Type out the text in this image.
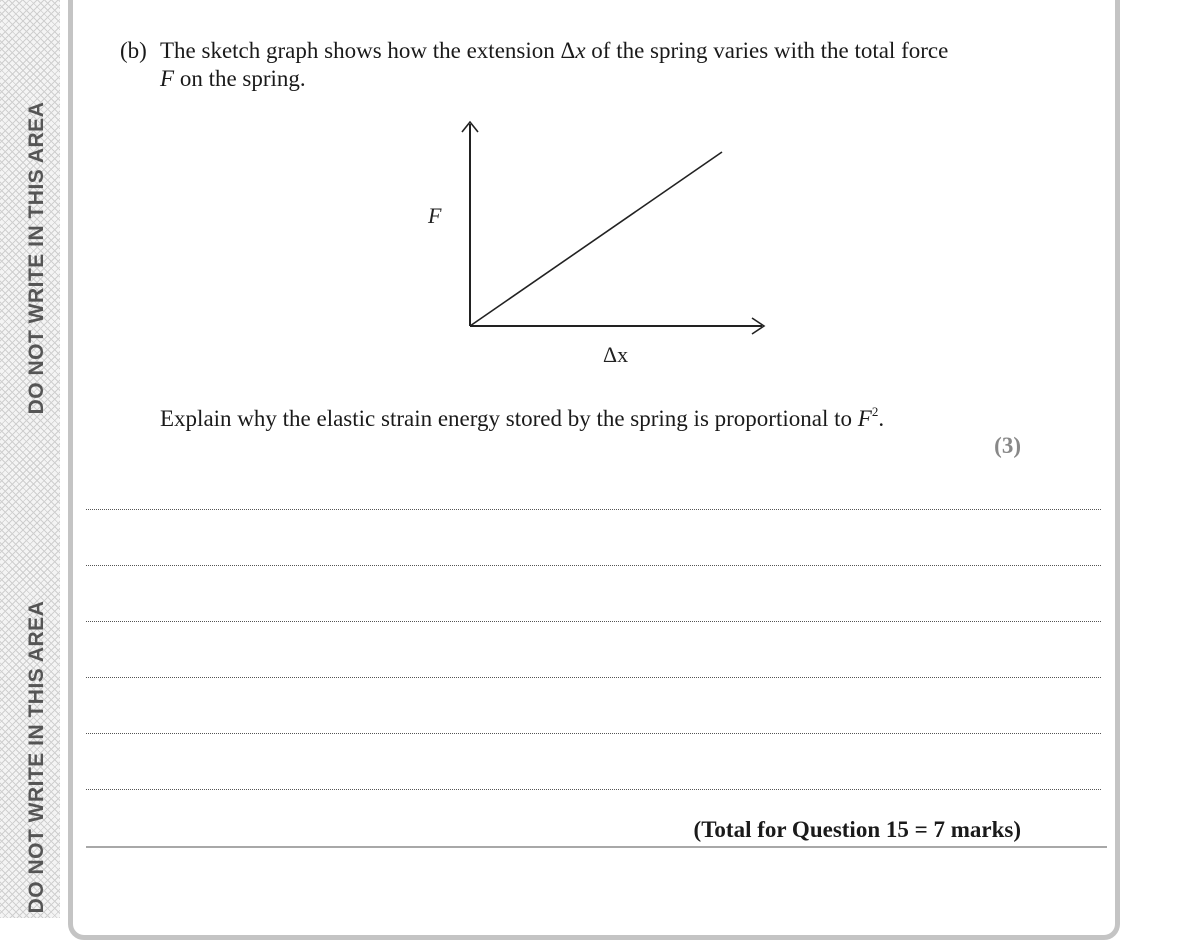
DO NOT WRITE IN THIS AREA
DO NOT WRITE IN THIS AREA
(b) The sketch graph shows how the extension Δx of the spring varies with the total force F on the spring.
F
Δx
Explain why the elastic strain energy stored by the spring is proportional to $F^2$.
(3)
(Total for Question 15 = 7 marks)
